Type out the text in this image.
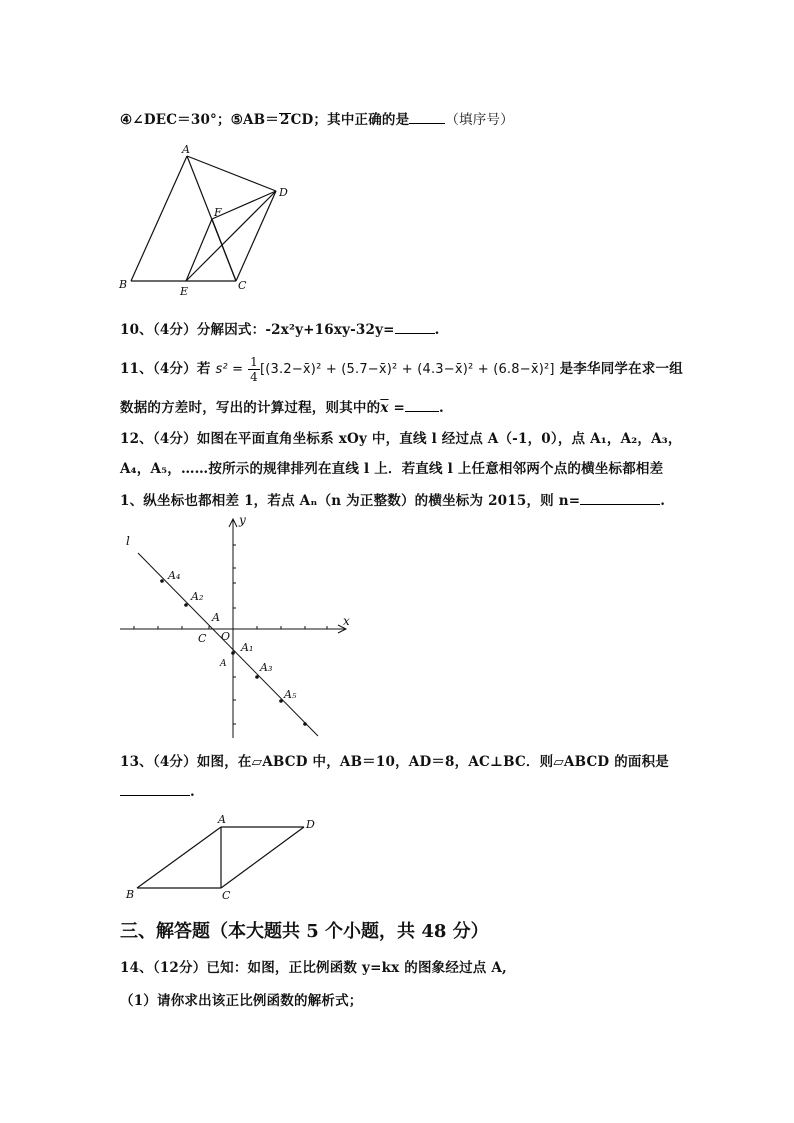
④∠DEC＝30°；⑤AB＝2CD；其中正确的是	（填序号）
A
D
F
B
E	C
10、（4分）分解因式：-2x²y+16xy-32y=	.
11、（4分）若 $s^2 = \frac{1}{4}$ [(3.2−x̄)² + (5.7−x̄)² + (4.3−x̄)² + (6.8−x̄)²] 是李华同学在求一组
数据的方差时，写出的计算过程，则其中的$\overline{x}$ =	.
12、（4分）如图在平面直角坐标系 xOy 中，直线 l 经过点 A（-1，0），点 A₁，A₂，A₃，
A₄，A₅，……按所示的规律排列在直线 l 上．若直线 l 上任意相邻两个点的横坐标都相差
1、纵坐标也都相差 1，若点 Aₙ（n 为正整数）的横坐标为 2015，则 n=	.
y
x
l
A₄
A₂
A
C O
A₁
A	A₃
A₅
13、（4分）如图，在▱ABCD 中，AB＝10，AD＝8，AC⊥BC．则▱ABCD 的面积是
.
A	D
B	C
三、解答题（本大题共 5 个小题，共 48 分）
14、（12分）已知：如图，正比例函数 y=kx 的图象经过点 A,
（1）请你求出该正比例函数的解析式；
